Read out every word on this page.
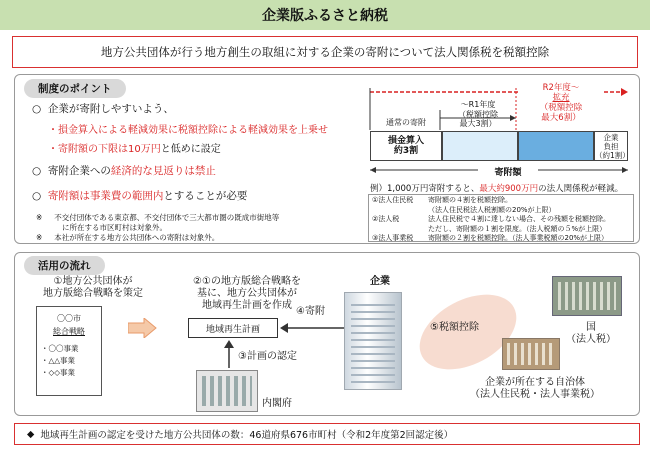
企業版ふるさと納税
地方公共団体が行う地方創生の取組に対する企業の寄附について法人関係税を税額控除
制度のポイント
○ 企業が寄附しやすいよう、
・損金算入による軽減効果に税額控除による軽減効果を上乗せ
・寄附額の下限は10万円と低めに設定
○ 寄附企業への経済的な見返りは禁止
○ 寄附額は事業費の範囲内とすることが必要
※ 不交付団体である東京都、不交付団体で三大都市圏の既成市街地等
に所在する市区町村は対象外。
※ 本社が所在する地方公共団体への寄附は対象外。
R2年度～
拡充
（税額控除
最大6割）
～R1年度
（税額控除
最大3割）
通常の寄附
損金算入
約3割
企業
負担
（約1割）
寄附額
例）1,000万円寄附すると、最大約900万円の法人関係税が軽減。
①法人住民税	寄附額の４割を税額控除。
（法人住民税法人税割額の20%が上限）
②法人税	法人住民税で４割に達しない場合、その残額を税額控除。
ただし、寄附額の１割を限度。（法人税額の５%が上限）
③法人事業税	寄附額の２割を税額控除。（法人事業税額の20%が上限）
活用の流れ
①地方公共団体が
地方版総合戦略を策定
〇〇市
総合戦略
・〇〇事業
・△△事業
・◇◇事業
②①の地方版総合戦略を
基に、地方公共団体が
地域再生計画を作成
地域再生計画
③計画の認定
内閣府
④寄附
企業
⑤税額控除	国
（法人税）
企業が所在する自治体
（法人住民税・法人事業税）
◆
地域再生計画の認定を受けた地方公共団体の数：46道府県676市町村（令和2年度第2回認定後）
